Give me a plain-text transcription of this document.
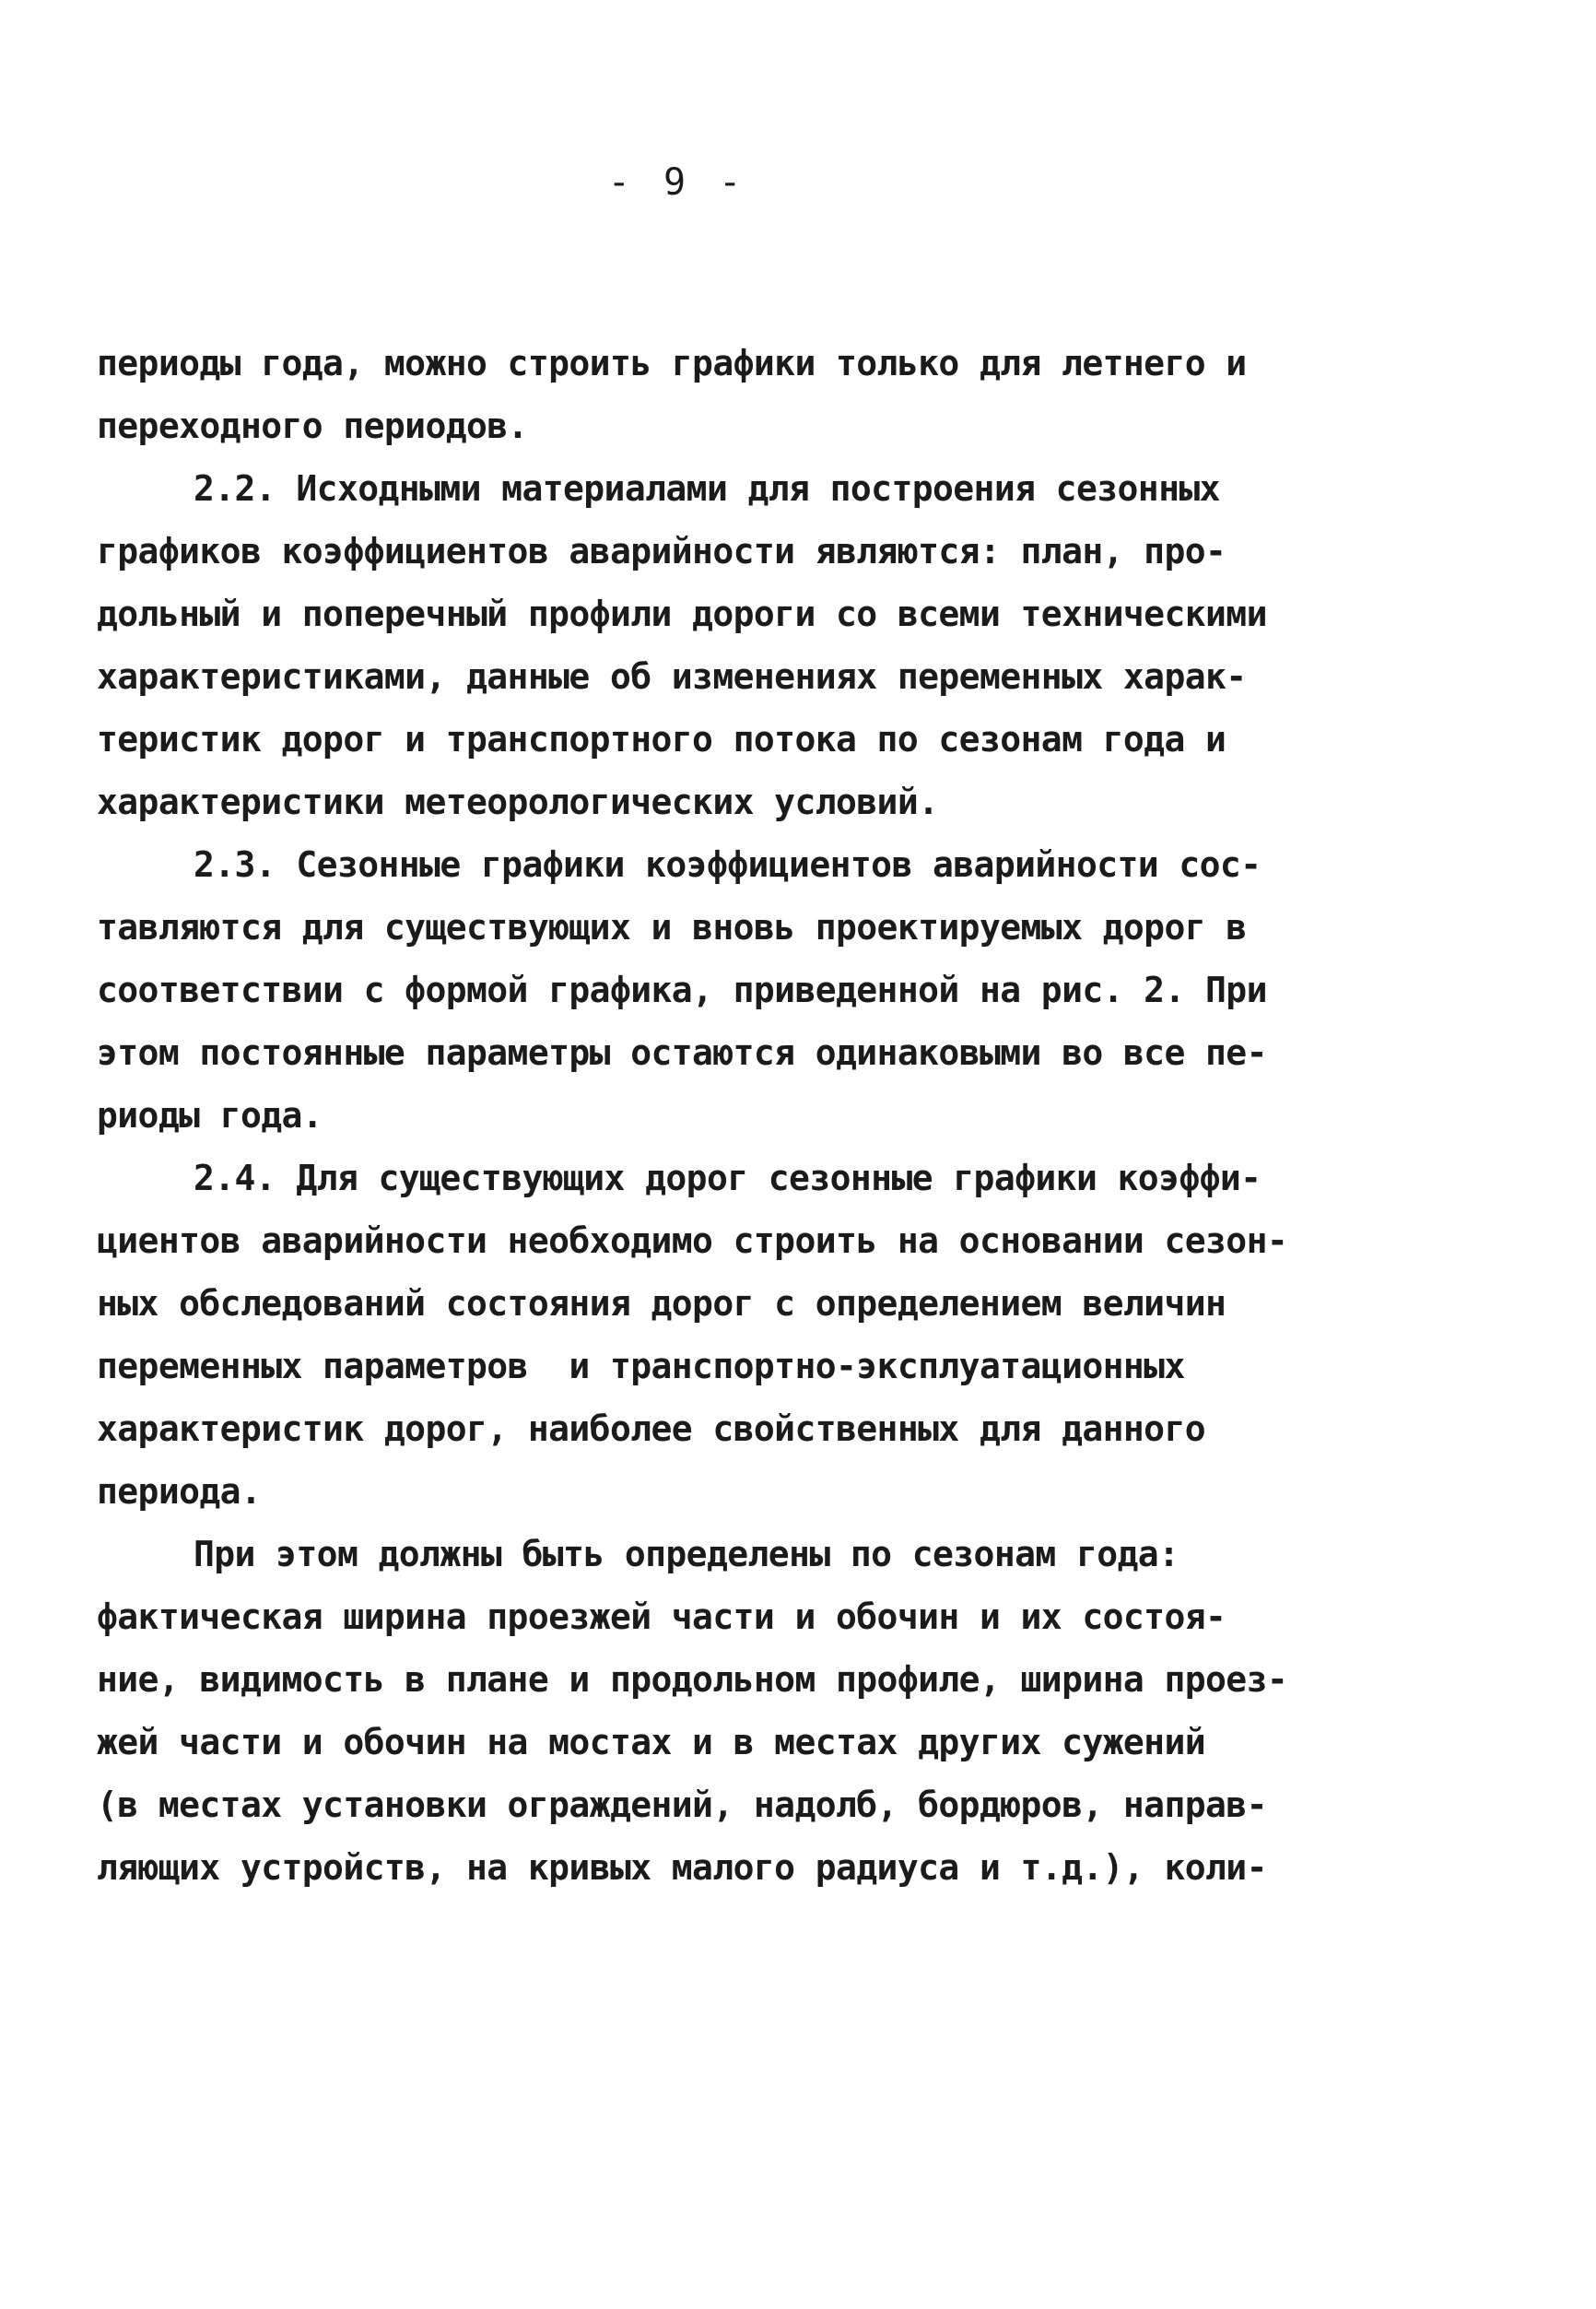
- 9 -
периоды года, можно строить графики только для летнего и
переходного периодов.
2.2. Исходными материалами для построения сезонных
графиков коэффициентов аварийности являются: план, про-
дольный и поперечный профили дороги со всеми техническими
характеристиками, данные об изменениях переменных харак-
теристик дорог и транспортного потока по сезонам года и
характеристики метеорологических условий.
2.3. Сезонные графики коэффициентов аварийности сос-
тавляются для существующих и вновь проектируемых дорог в
соответствии с формой графика, приведенной на рис. 2. При
этом постоянные параметры остаются одинаковыми во все пе-
риоды года.
2.4. Для существующих дорог сезонные графики коэффи-
циентов аварийности необходимо строить на основании сезон-
ных обследований состояния дорог с определением величин
переменных параметров  и транспортно-эксплуатационных
характеристик дорог, наиболее свойственных для данного
периода.
При этом должны быть определены по сезонам года:
фактическая ширина проезжей части и обочин и их состоя-
ние, видимость в плане и продольном профиле, ширина проез-
жей части и обочин на мостах и в местах других сужений
(в местах установки ограждений, надолб, бордюров, направ-
ляющих устройств, на кривых малого радиуса и т.д.), коли-
